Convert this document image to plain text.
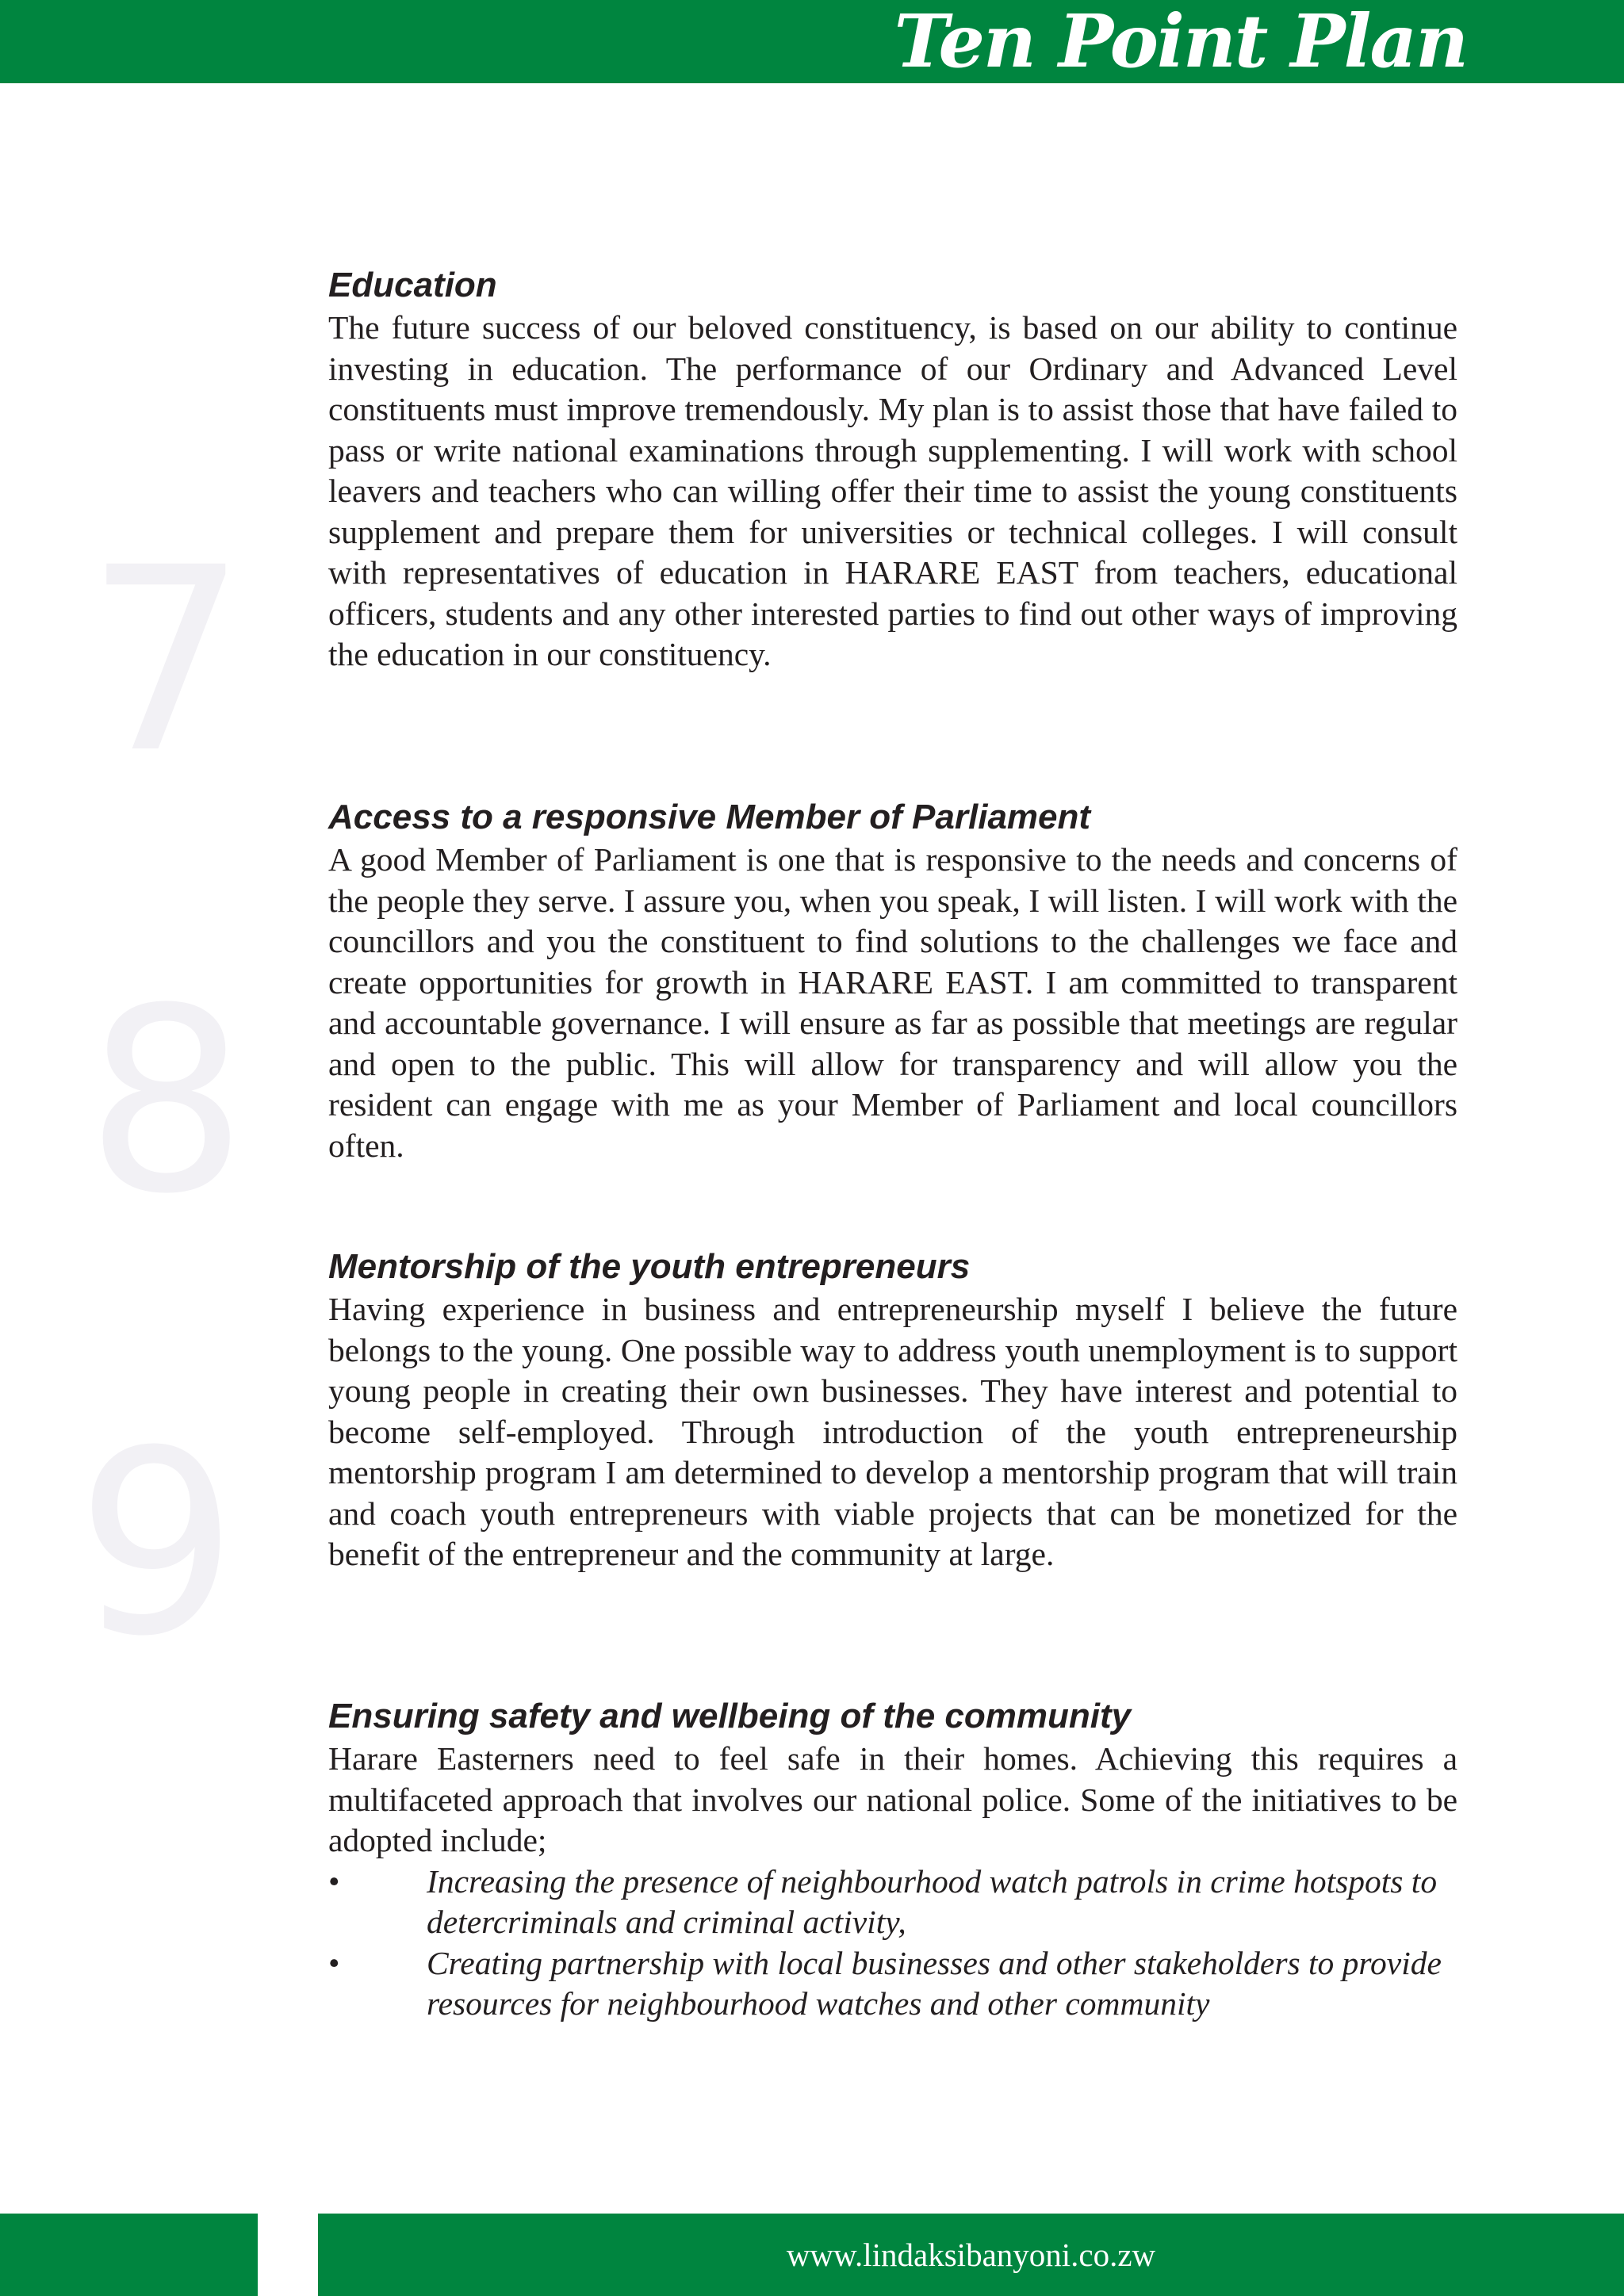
Ten Point Plan
7
8
9
Education

The future success of our beloved constituency, is based on our ability to continue investing in education. The performance of our Ordinary and Advanced Level constituents must improve tremendously. My plan is to assist those that have failed to pass or write national examinations through supplementing. I will work with school leavers and teachers who can willing offer their time to assist the young constituents supplement and prepare them for universities or technical colleges. I will consult with representatives of education in HARARE EAST from teachers, educational officers, students and any other interested parties to find out other ways of improving the education in our constituency.

Access to a responsive Member of Parliament

A good Member of Parliament is one that is responsive to the needs and concerns of the people they serve. I assure you, when you speak, I will listen. I will work with the councillors and you the constituent to find solutions to the challenges we face and create opportunities for growth in HARARE EAST. I am committed to transparent and accountable governance. I will ensure as far as possible that meetings are regular and open to the public. This will allow for transparency and will allow you the resident can engage with me as your Member of Parliament and local councillors often.

Mentorship of the youth entrepreneurs

Having experience in business and entrepreneurship myself I believe the future belongs to the young. One possible way to address youth unemployment is to support young people in creating their own businesses. They have interest and potential to become self-employed. Through introduction of the youth entrepreneurship mentorship program I am determined to develop a mentorship program that will train and coach youth entrepreneurs with viable projects that can be monetized for the benefit of the entrepreneur and the community at large.

Ensuring safety and wellbeing of the community

Harare Easterners need to feel safe in their homes. Achieving this requires a multifaceted approach that involves our national police. Some of the initiatives to be adopted include;

•	Increasing the presence of neighbourhood watch patrols in crime hotspots to detercriminals and criminal activity,
•	Creating partnership with local businesses and other stakeholders to provide resources for neighbourhood watches and other community
www.lindaksibanyoni.co.zw
